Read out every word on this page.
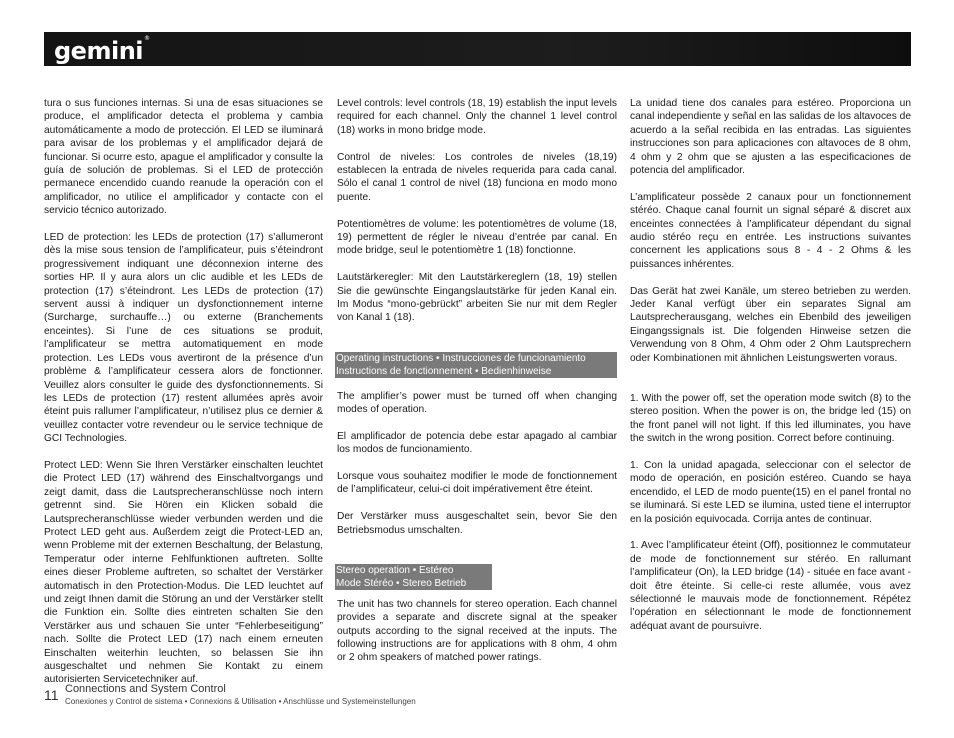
gemini®

tura o sus funciones internas. Si una de esas situaciones se produce, el amplificador detecta el problema y cambia automáticamente a modo de protección. El LED se iluminará para avisar de los problemas y el amplificador dejará de funcionar. Si ocurre esto, apague el amplificador y consulte la guía de solución de problemas. Si el LED de protección permanece encendido cuando reanude la operación con el amplificador, no utilice el amplificador y contacte con el servicio técnico autorizado.

LED de protection: les LEDs de protection (17) s’allumeront dès la mise sous tension de l’amplificateur, puis s’éteindront progressivement indiquant une déconnexion interne des sorties HP. Il y aura alors un clic audible et les LEDs de protection (17) s’éteindront. Les LEDs de protection (17) servent aussi à indiquer un dysfonctionnement interne (Surcharge, surchauffe…) ou externe (Branchements enceintes). Si l’une de ces situations se produit, l’amplificateur se mettra automatiquement en mode protection. Les LEDs vous avertiront de la présence d’un problème & l’amplificateur cessera alors de fonctionner. Veuillez alors consulter le guide des dysfonctionnements. Si les LEDs de protection (17) restent allumées après avoir éteint puis rallumer l’amplificateur, n’utilisez plus ce dernier & veuillez contacter votre revendeur ou le service technique de GCI Technologies.

Protect LED: Wenn Sie Ihren Verstärker einschalten leuchtet die Protect LED (17) während des Einschaltvorgangs und zeigt damit, dass die Lautsprecheranschlüsse noch intern getrennt sind. Sie Hören ein Klicken sobald die Lautsprecheranschlüsse wieder verbunden werden und die Protect LED geht aus. Außerdem zeigt die Protect-LED an, wenn Probleme mit der externen Beschaltung, der Belastung, Temperatur oder interne Fehlfunktionen auftreten. Sollte eines dieser Probleme auftreten, so schaltet der Verstärker automatisch in den Protection-Modus. Die LED leuchtet auf und zeigt Ihnen damit die Störung an und der Verstärker stellt die Funktion ein. Sollte dies eintreten schalten Sie den Verstärker aus und schauen Sie unter “Fehlerbeseitigung” nach. Sollte die Protect LED (17) nach einem erneuten Einschalten weiterhin leuchten, so belassen Sie ihn ausgeschaltet und nehmen Sie Kontakt zu einem autorisierten Servicetechniker auf.

Level controls: level controls (18, 19) establish the input levels required for each channel. Only the channel 1 level control (18) works in mono bridge mode.

Control de niveles: Los controles de niveles (18,19) establecen la entrada de niveles requerida para cada canal. Sólo el canal 1 control de nivel (18) funciona en modo mono puente.

Potentiomètres de volume: les potentiomètres de volume (18, 19) permettent de régler le niveau d’entrée par canal. En mode bridge, seul le potentiomètre 1 (18) fonctionne.

Lautstärkeregler: Mit den Lautstärkereglern (18, 19) stellen Sie die gewünschte Eingangslautstärke für jeden Kanal ein. Im Modus “mono-gebrückt” arbeiten Sie nur mit dem Regler von Kanal 1 (18).

Operating instructions • Instrucciones de funcionamiento
Instructions de fonctionnement • Bedienhinweise

The amplifier’s power must be turned off when changing modes of operation.

El amplificador de potencia debe estar apagado al cambiar los modos de funcionamiento.

Lorsque vous souhaitez modifier le mode de fonctionnement de l’amplificateur, celui-ci doit impérativement être éteint.

Der Verstärker muss ausgeschaltet sein, bevor Sie den Betriebsmodus umschalten.

Stereo operation • Estéreo
Mode Stéréo • Stereo Betrieb

The unit has two channels for stereo operation. Each channel provides a separate and discrete signal at the speaker outputs according to the signal received at the inputs. The following instructions are for applications with 8 ohm, 4 ohm or 2 ohm speakers of matched power ratings.

La unidad tiene dos canales para estéreo. Proporciona un canal independiente y señal en las salidas de los altavoces de acuerdo a la señal recibida en las entradas. Las siguientes instrucciones son para aplicaciones con altavoces de 8 ohm, 4 ohm y 2 ohm que se ajusten a las especificaciones de potencia del amplificador.

L’amplificateur possède 2 canaux pour un fonctionnement stéréo. Chaque canal fournit un signal séparé & discret aux enceintes connectées à l’amplificateur dépendant du signal audio stéréo reçu en entrée. Les instructions suivantes concernent les applications sous 8 - 4 - 2 Ohms & les puissances inhérentes.

Das Gerät hat zwei Kanäle, um stereo betrieben zu werden. Jeder Kanal verfügt über ein separates Signal am Lautsprecherausgang, welches ein Ebenbild des jeweiligen Eingangssignals ist. Die folgenden Hinweise setzen die Verwendung von 8 Ohm, 4 Ohm oder 2 Ohm Lautsprechern oder Kombinationen mit ähnlichen Leistungswerten voraus.

1. With the power off, set the operation mode switch (8) to the stereo position. When the power is on, the bridge led (15) on the front panel will not light. If this led illuminates, you have the switch in the wrong position. Correct before continuing.

1. Con la unidad apagada, seleccionar con el selector de modo de operación, en posición estéreo. Cuando se haya encendido, el LED de modo puente(15) en el panel frontal no se iluminará. Si este LED se ilumina, usted tiene el interruptor en la posición equivocada. Corrija antes de continuar.

1. Avec l’amplificateur éteint (Off), positionnez le commutateur de mode de fonctionnement sur stéréo. En rallumant l’amplificateur (On), la LED bridge (14) - située en face avant - doit être éteinte. Si celle-ci reste allumée, vous avez sélectionné le mauvais mode de fonctionnement. Répétez l’opération en sélectionnant le mode de fonctionnement adéquat avant de poursuivre.

11 Connections and System Control
Conexiones y Control de sistema • Connexions & Utilisation • Anschlüsse und Systemeinstellungen
